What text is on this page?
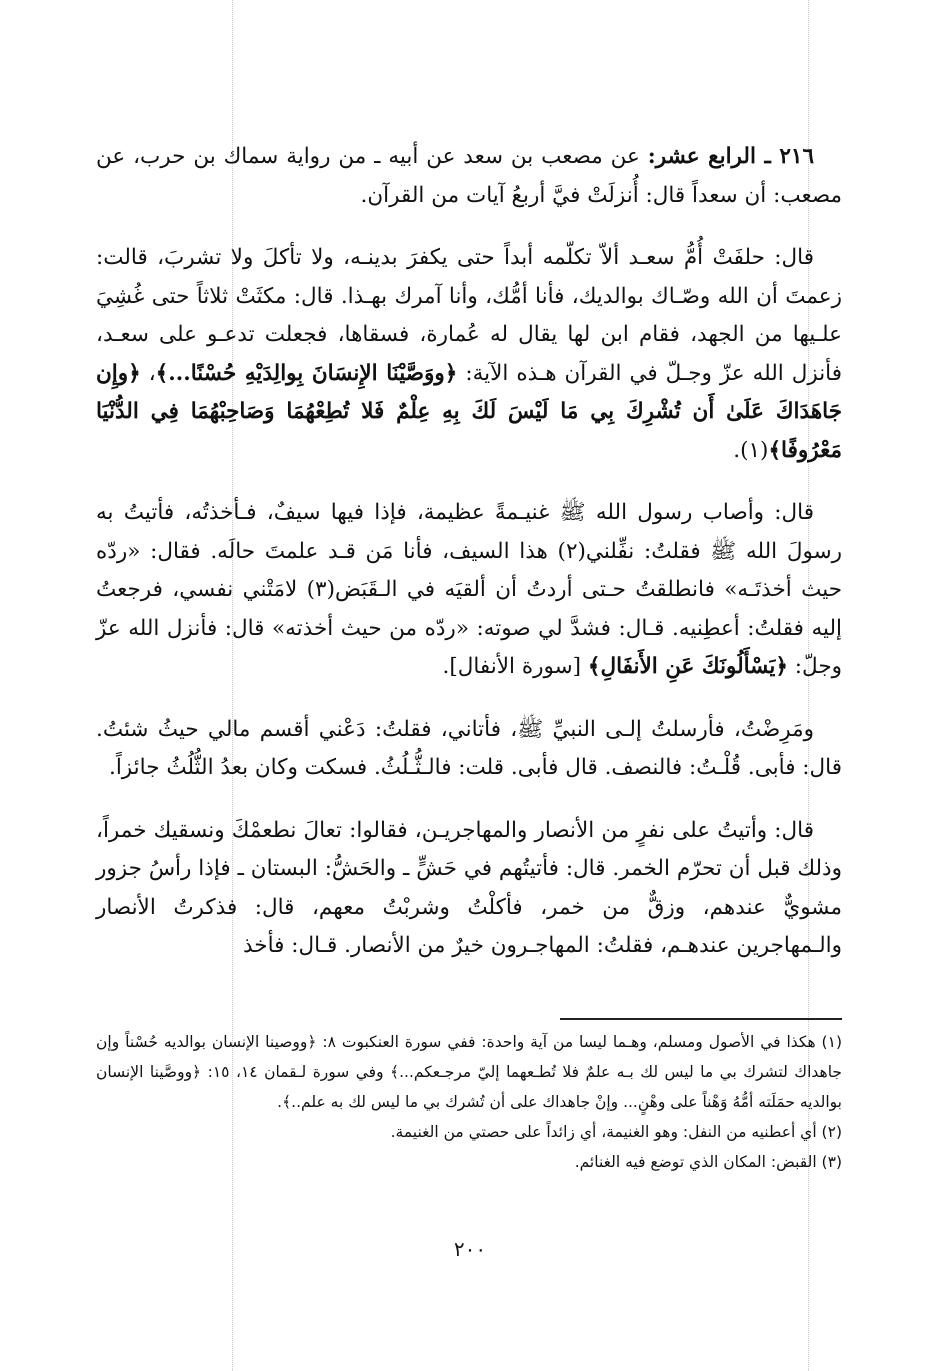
٢١٦ ـ الرابع عشر: عن مصعب بن سعد عن أبيه ـ من رواية سماك بن حرب، عن مصعب: أن سعداً قال: أُنزلَتْ فيَّ أربعُ آيات من القرآن.

قال: حلفَتْ أُمُّ سعـد ألاّ تكلّمه أبداً حتى يكفرَ بدينـه، ولا تأكلَ ولا تشربَ، قالت: زعمتَ أن الله وصّـاك بوالديك، فأنا أمُّك، وأنا آمرك بهـذا. قال: مكثَتْ ثلاثاً حتى غُشِيَ علـيها من الجهد، فقام ابن لها يقال له عُمارة، فسقاها، فجعلت تدعـو على سعـد، فأنزل الله عزّ وجـلّ في القرآن هـذه الآية: ﴿ووَصَّيْنَا الإِنسَانَ بِوالِدَيْهِ حُسْنًا...﴾، ﴿وإِن جَاهَدَاكَ عَلَىٰ أَن تُشْرِكَ بِي مَا لَيْسَ لَكَ بِهِ عِلْمٌ فَلا تُطِعْهُمَا وَصَاحِبْهُمَا فِي الدُّنْيَا مَعْرُوفًا﴾(١).

قال: وأصاب رسول الله ﷺ غنيـمةً عظيمة، فإذا فيها سيفٌ، فـأخذتُه، فأتيتُ به رسولَ الله ﷺ فقلتُ: نفِّلني(٢) هذا السيف، فأنا مَن قـد علمتَ حالَه. فقال: «ردّه حيث أخذتَـه» فانطلقتُ حـتى أردتُ أن ألقيَه في الـقَبَض(٣) لامَتْني نفسي، فرجعتُ إليه فقلتُ: أعطِنيه. قـال: فشدَّ لي صوته: «ردّه من حيث أخذته» قال: فأنزل الله عزّ وجلّ: ﴿يَسْأَلُونَكَ عَنِ الأَنفَالِ﴾ [سورة الأنفال].

ومَرِضْتُ، فأرسلتُ إلـى النبيِّ ﷺ، فأتاني، فقلتُ: دَعْني أقسم مالي حيثُ شئتُ. قال: فأبى. قُلْـتُ: فالنصف. قال فأبى. قلت: فالـثُّـلُثُ. فسكت وكان بعدُ الثُّلُثُ جائزاً.

قال: وأتيتُ على نفرٍ من الأنصار والمهاجريـن، فقالوا: تعالَ نطعمْكَ ونسقيك خمراً، وذلك قبل أن تحرّم الخمر. قال: فأتيتُهم في حَشٍّ ـ والحَشُّ: البستان ـ فإذا رأسُ جزور مشويٌّ عندهم، وزقٌّ من خمر، فأكلْتُ وشربْتُ معهم، قال: فذكرتُ الأنصار والـمهاجرين عندهـم، فقلتُ: المهاجـرون خيرٌ من الأنصار. قـال: فأخذ

(١) هكذا في الأصول ومسلم، وهـما ليسا من آية واحدة: ففي سورة العنكبوت ٨: ﴿ووصينا الإنسان بوالديه حُسْناً وإن جاهداك لتشرك بي ما ليس لك بـه علمٌ فلا تُطـعهما إليّ مرجـعكم...﴾ وفي سورة لـقمان ١٤، ١٥: ﴿ووصَّينا الإنسان بوالديه حمَلَته أمُّهُ وَهْناً على وهْنٍ... وإنْ جاهداك على أن تُشرك بي ما ليس لك به علم..﴾.

(٢) أي أعطنيه من النفل: وهو الغنيمة، أي زائداً على حصتي من الغنيمة.

(٣) القبض: المكان الذي توضع فيه الغنائم.

٢٠٠
